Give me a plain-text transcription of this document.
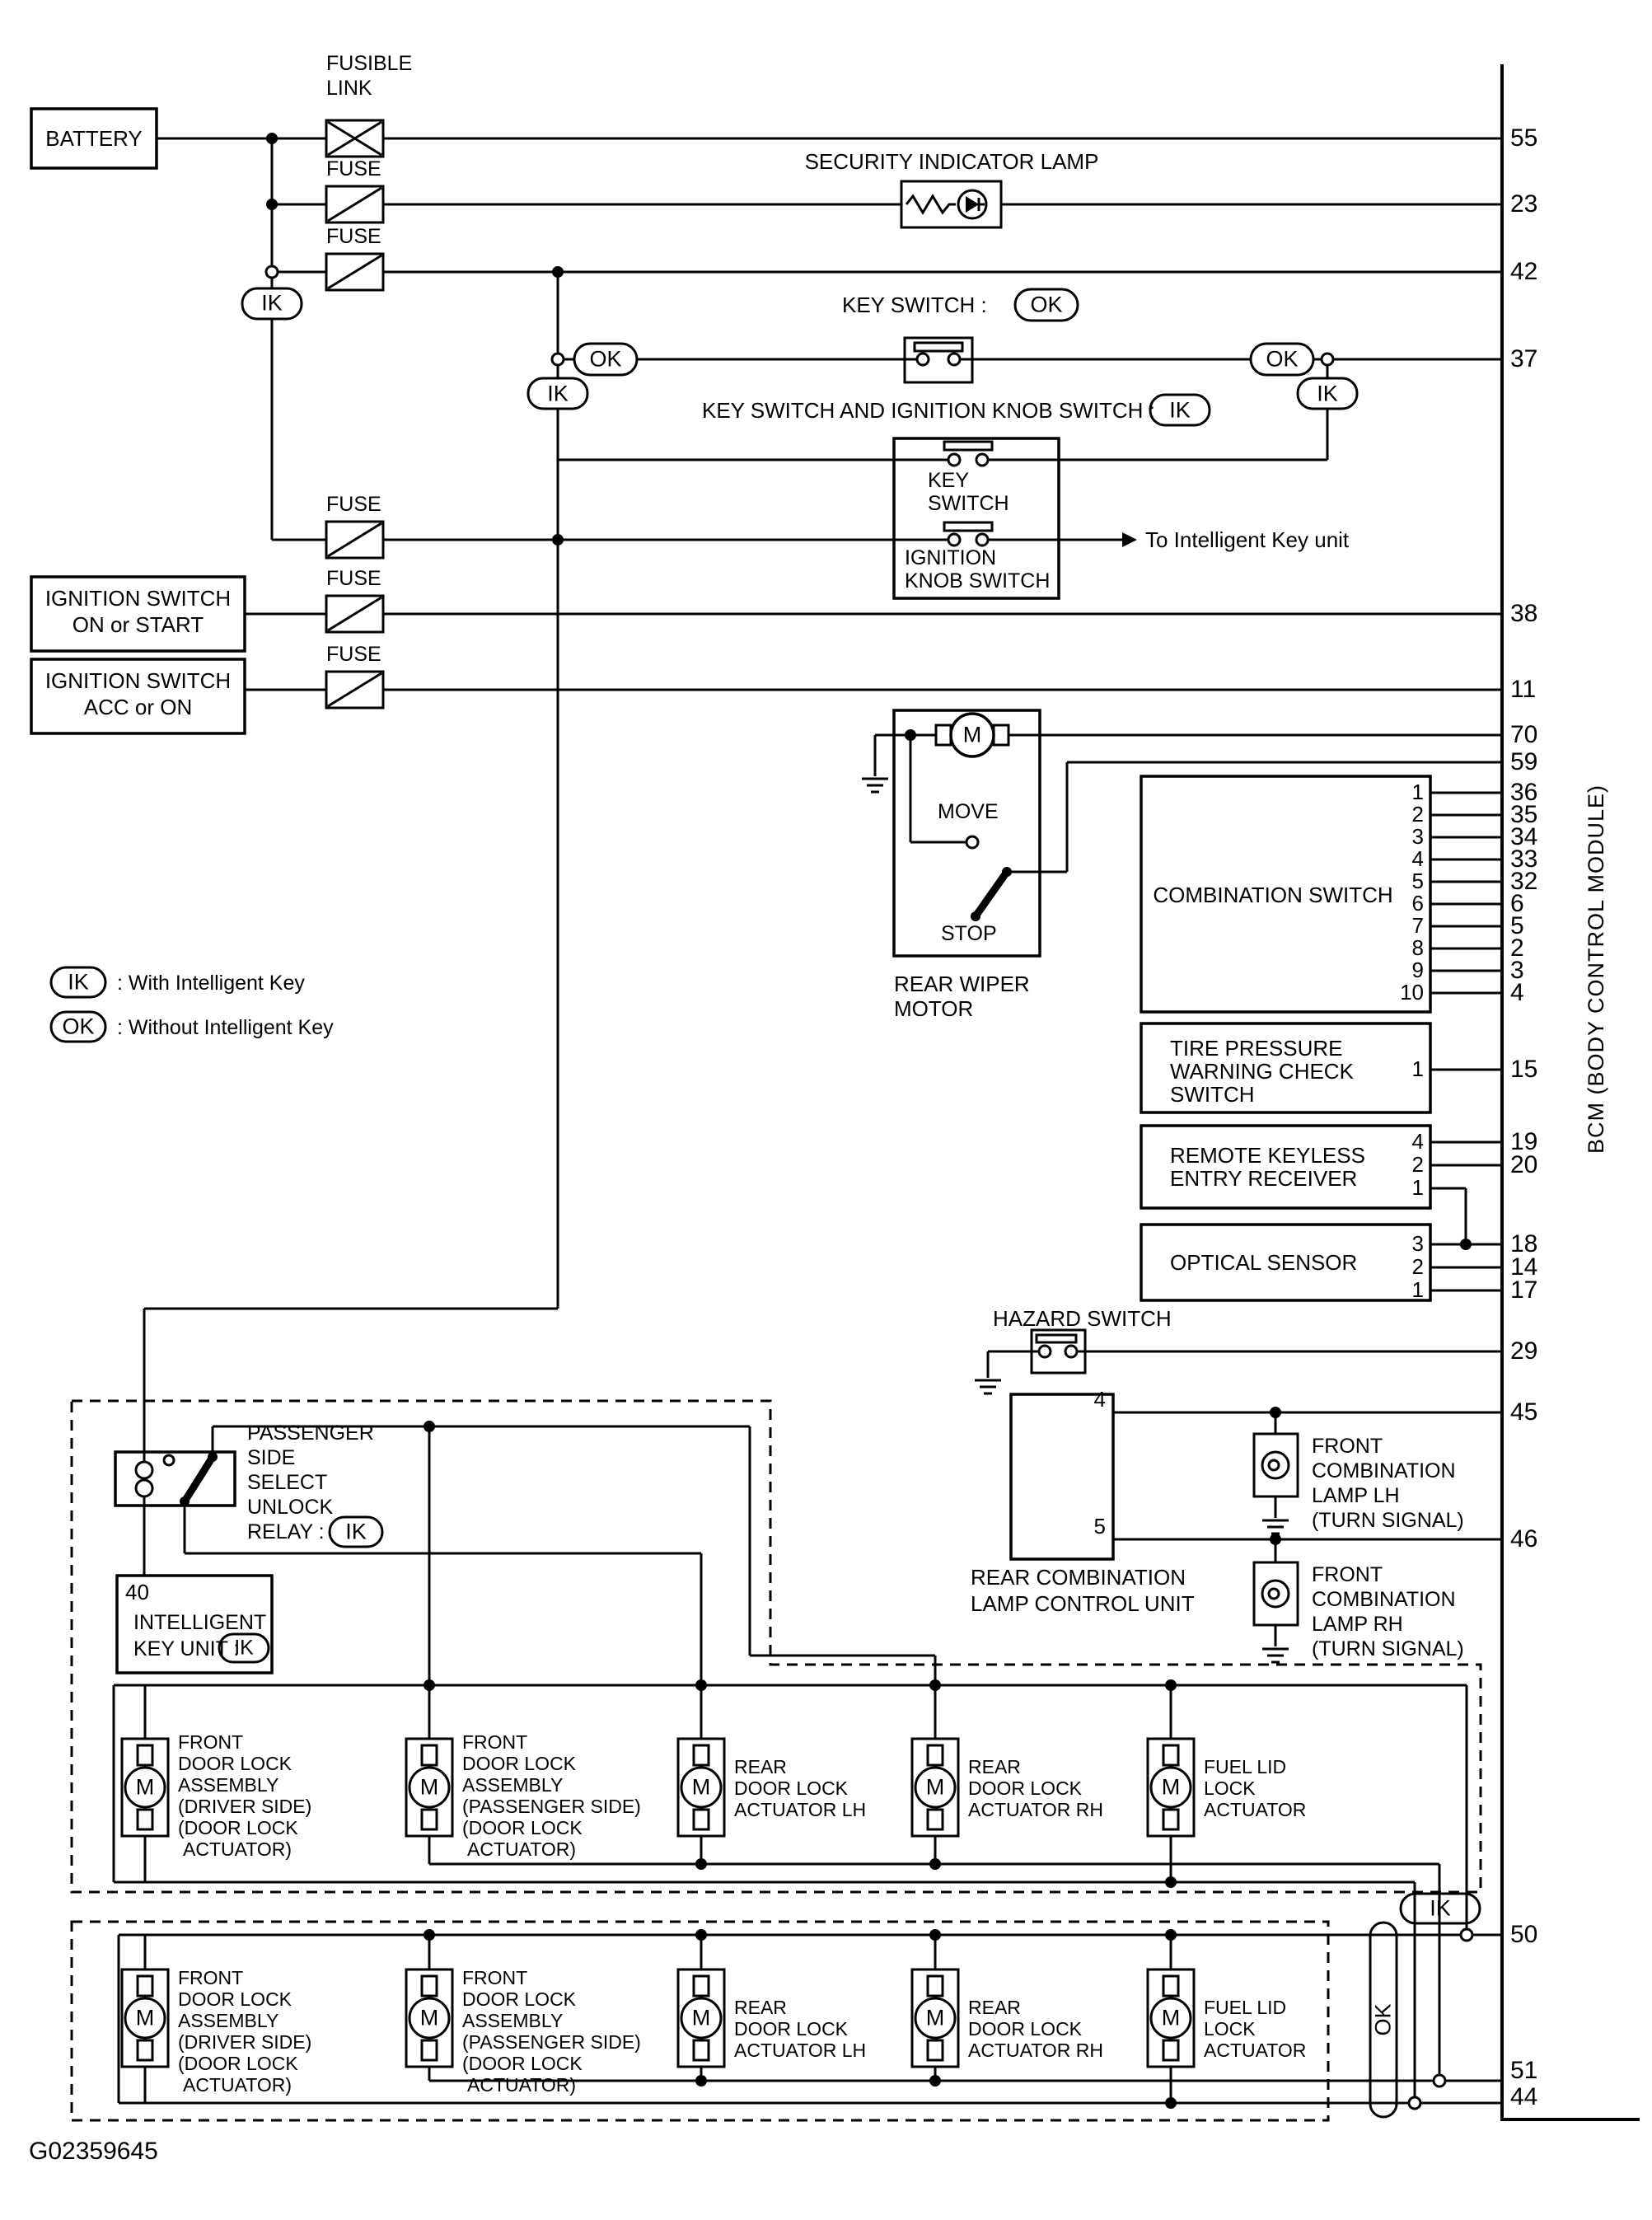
BATTERY
FUSIBLE
LINK
FUSE
FUSE
FUSE
FUSE
FUSE
SECURITY INDICATOR LAMP
IGNITION SWITCH
ON or START
IGNITION SWITCH
ACC or ON
KEY SWITCH : OK
KEY SWITCH AND IGNITION KNOB SWITCH : IK
IK
OK
IK
OK
IK
KEY
SWITCH
IGNITION
KNOB SWITCH
To Intelligent Key unit
M
MOVE
STOP
REAR WIPER
MOTOR
COMBINATION SWITCH
1
2
3
4
5
6
7
8
9
10
TIRE PRESSURE
WARNING CHECK
SWITCH
1
REMOTE KEYLESS
ENTRY RECEIVER
4
2
1
OPTICAL SENSOR
3
2
1
HAZARD SWITCH
4
5
REAR COMBINATION
LAMP CONTROL UNIT
FRONT
COMBINATION
LAMP LH
(TURN SIGNAL)
FRONT
COMBINATION
LAMP RH
(TURN SIGNAL)
IK : With Intelligent Key
OK : Without Intelligent Key
PASSENGER
SIDE
SELECT
UNLOCK
RELAY : IK
40
INTELLIGENT
KEY UNIT :
IK
M	M	M	M	M
FRONT
DOOR LOCK
ASSEMBLY
(DRIVER SIDE)
(DOOR LOCK
ACTUATOR)
FRONT
DOOR LOCK
ASSEMBLY
(PASSENGER SIDE)
(DOOR LOCK
ACTUATOR)
REAR
DOOR LOCK
ACTUATOR LH
REAR
DOOR LOCK
ACTUATOR RH
FUEL LID
LOCK
ACTUATOR
M	M	M	M	M
FRONT
DOOR LOCK
ASSEMBLY
(DRIVER SIDE)
(DOOR LOCK
ACTUATOR)
FRONT
DOOR LOCK
ASSEMBLY
(PASSENGER SIDE)
(DOOR LOCK
ACTUATOR)
REAR
DOOR LOCK
ACTUATOR LH
REAR
DOOR LOCK
ACTUATOR RH
FUEL LID
LOCK
ACTUATOR
IK
OK
55
23
42
37
38
11
70
59
36
35
34
33
32
6
5
2
3
4
15
19
20
18
14
17
29
45
46
50
51
44
BCM (BODY CONTROL MODULE)
G02359645
